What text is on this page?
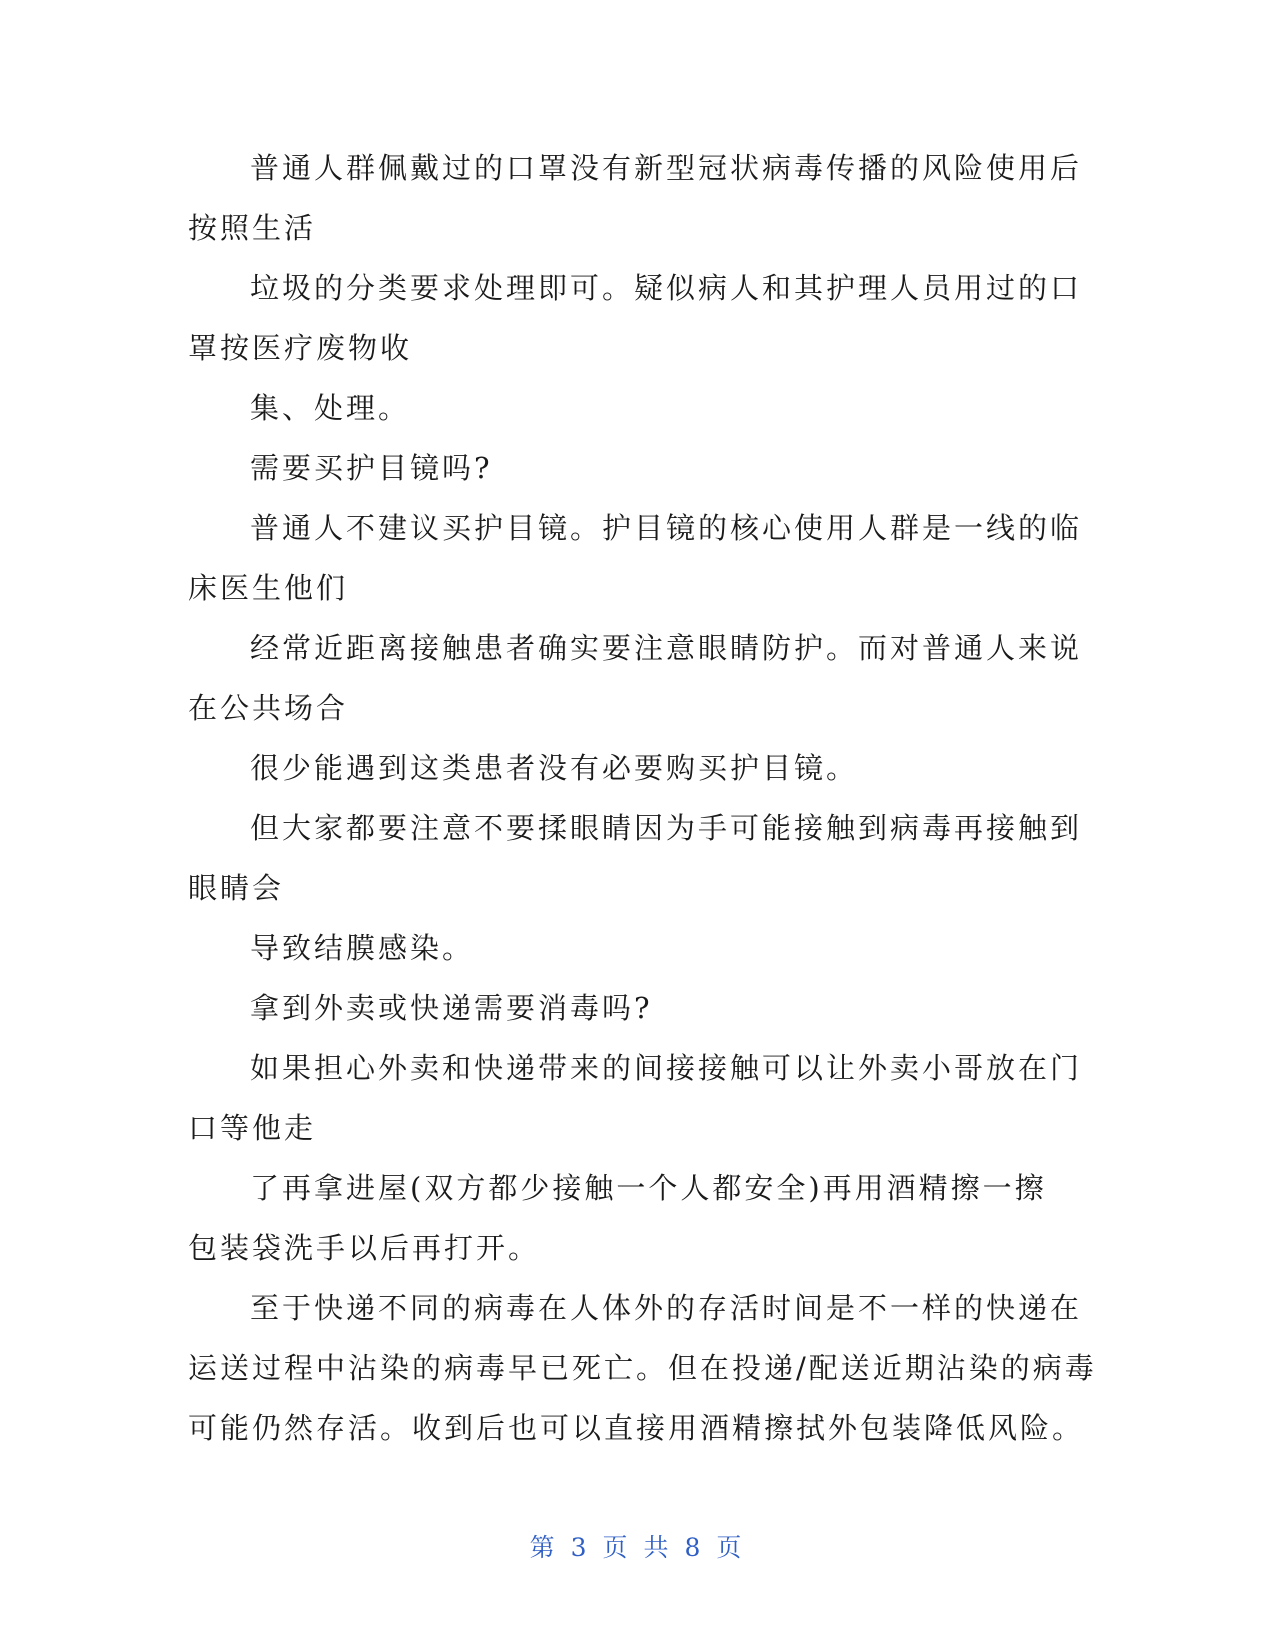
普通人群佩戴过的口罩没有新型冠状病毒传播的风险使用后
按照生活
垃圾的分类要求处理即可。疑似病人和其护理人员用过的口
罩按医疗废物收
集、处理。
需要买护目镜吗?
普通人不建议买护目镜。护目镜的核心使用人群是一线的临
床医生他们
经常近距离接触患者确实要注意眼睛防护。而对普通人来说
在公共场合
很少能遇到这类患者没有必要购买护目镜。
但大家都要注意不要揉眼睛因为手可能接触到病毒再接触到
眼睛会
导致结膜感染。
拿到外卖或快递需要消毒吗?
如果担心外卖和快递带来的间接接触可以让外卖小哥放在门
口等他走
了再拿进屋(双方都少接触一个人都安全)再用酒精擦一擦
包装袋洗手以后再打开。
至于快递不同的病毒在人体外的存活时间是不一样的快递在
运送过程中沾染的病毒早已死亡。但在投递/配送近期沾染的病毒
可能仍然存活。收到后也可以直接用酒精擦拭外包装降低风险。
第 3 页 共 8 页
